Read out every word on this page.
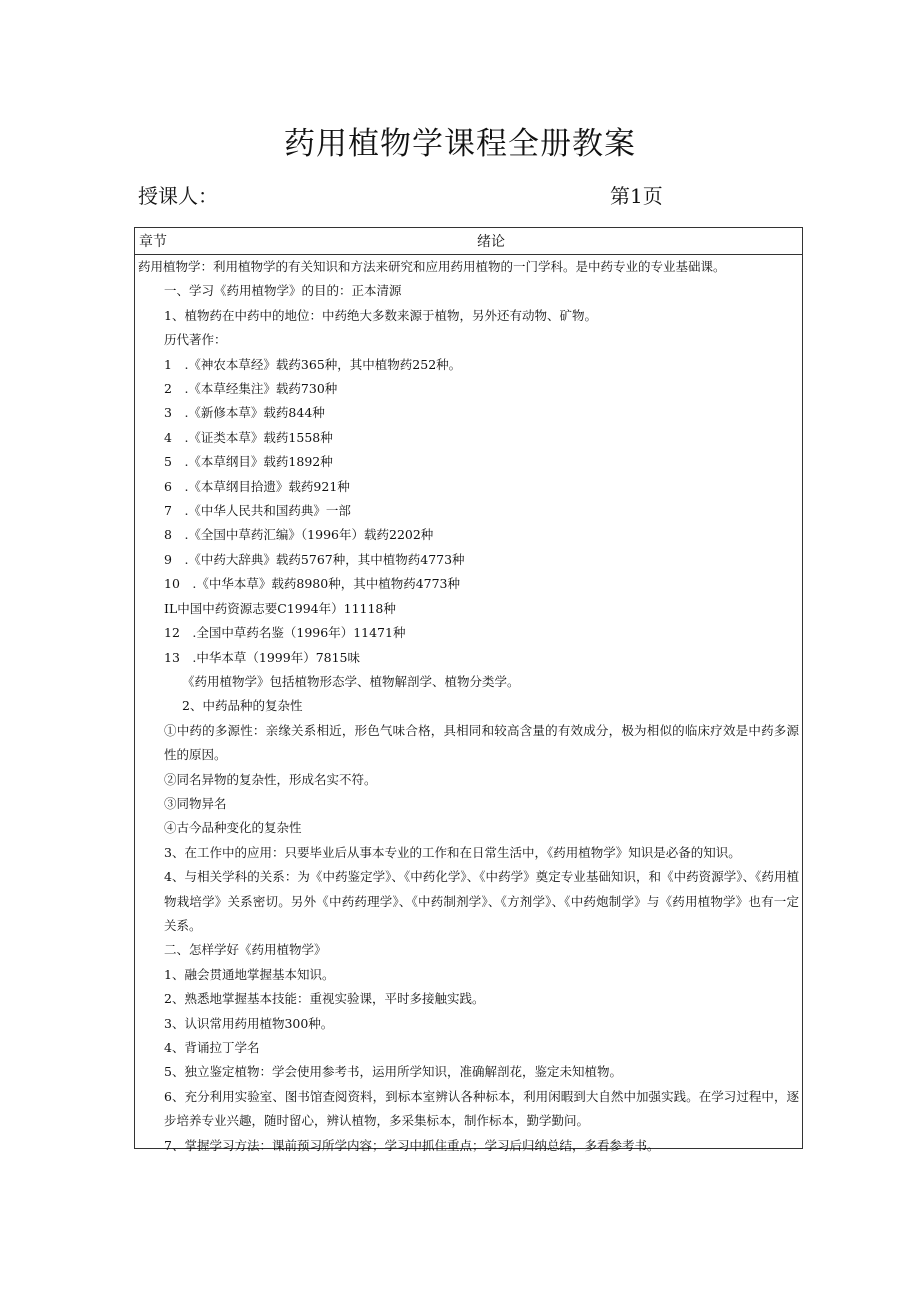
药用植物学课程全册教案
授课人：	第1页
章节	绪论

药用植物学：利用植物学的有关知识和方法来研究和应用药用植物的一门学科。是中药专业的专业基础课。

一、学习《药用植物学》的目的：正本清源

1、植物药在中药中的地位：中药绝大多数来源于植物，另外还有动物、矿物。

历代著作：

1　.《神农本草经》载药365种，其中植物药252种。

2　.《本草经集注》载药730种

3　.《新修本草》载药844种

4　.《证类本草》载药1558种

5　.《本草纲目》载药1892种

6　.《本草纲目拾遗》载药921种

7　.《中华人民共和国药典》一部

8　.《全国中草药汇编》（1996年）载药2202种

9　.《中药大辞典》载药5767种，其中植物药4773种

10　.《中华本草》载药8980种，其中植物药4773种

IL中国中药资源志要C1994年）11118种

12　.全国中草药名鉴（1996年）11471种

13　.中华本草（1999年）7815味

《药用植物学》包括植物形态学、植物解剖学、植物分类学。

2、中药品种的复杂性

①中药的多源性：亲缘关系相近，形色气味合格，具相同和较高含量的有效成分，极为相似的临床疗效是中药多源性的原因。

②同名异物的复杂性，形成名实不符。

③同物异名

④古今品种变化的复杂性

3、在工作中的应用：只要毕业后从事本专业的工作和在日常生活中，《药用植物学》知识是必备的知识。

4、与相关学科的关系：为《中药鉴定学》、《中药化学》、《中药学》奠定专业基础知识，和《中药资源学》、《药用植物栽培学》关系密切。另外《中药药理学》、《中药制剂学》、《方剂学》、《中药炮制学》与《药用植物学》也有一定关系。

二、怎样学好《药用植物学》

1、融会贯通地掌握基本知识。

2、熟悉地掌握基本技能：重视实验课，平时多接触实践。

3、认识常用药用植物300种。

4、背诵拉丁学名

5、独立鉴定植物：学会使用参考书，运用所学知识，准确解剖花，鉴定未知植物。

6、充分利用实验室、图书馆查阅资料，到标本室辨认各种标本，利用闲暇到大自然中加强实践。在学习过程中，逐步培养专业兴趣，随时留心，辨认植物，多采集标本，制作标本，勤学勤问。

7、掌握学习方法：课前预习所学内容；学习中抓住重点；学习后归纳总结，多看参考书。
